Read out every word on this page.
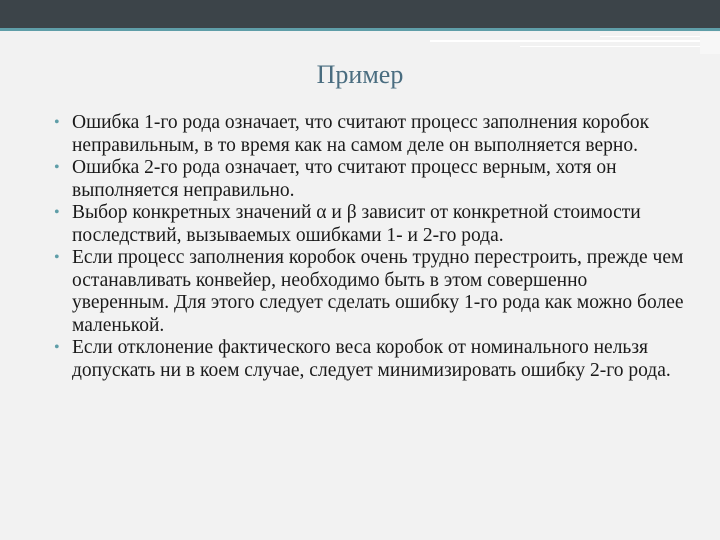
Пример
• Ошибка 1-го рода означает, что считают процесс заполнения коробок неправильным, в то время как на самом деле он выполняется верно.
• Ошибка 2-го рода означает, что считают процесс верным, хотя он выполняется неправильно.
• Выбор конкретных значений α и β зависит от конкретной стоимости последствий, вызываемых ошибками 1- и 2-го рода.
• Если процесс заполнения коробок очень трудно перестроить, прежде чем останавливать конвейер, необходимо быть в этом совершенно уверенным. Для этого следует сделать ошибку 1-го рода как можно более маленькой.
• Если отклонение фактического веса коробок от номинального нельзя допускать ни в коем случае, следует минимизировать ошибку 2-го рода.
